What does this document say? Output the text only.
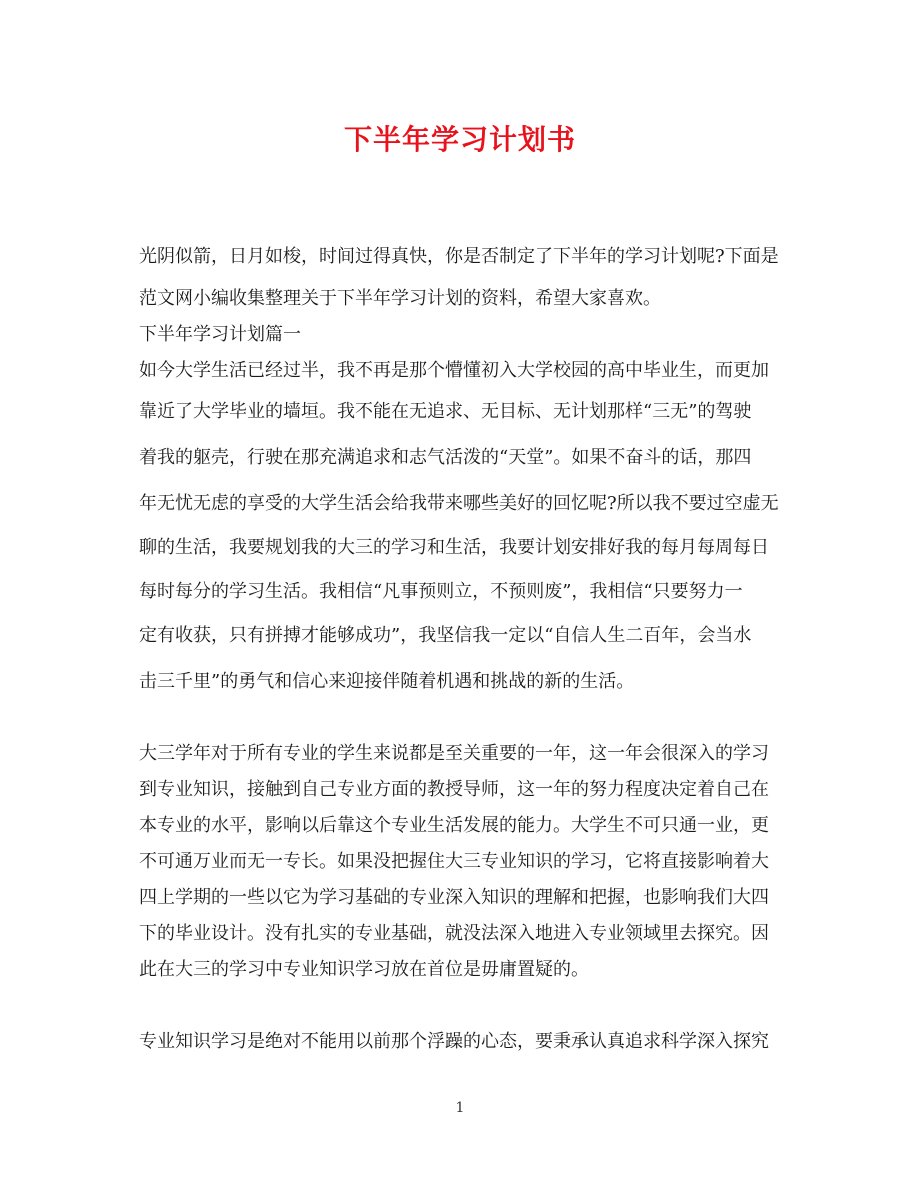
下半年学习计划书
光阴似箭，日月如梭，时间过得真快，你是否制定了下半年的学习计划呢?下面是
范文网小编收集整理关于下半年学习计划的资料，希望大家喜欢。
下半年学习计划篇一
如今大学生活已经过半，我不再是那个懵懂初入大学校园的高中毕业生，而更加
靠近了大学毕业的墙垣。我不能在无追求、无目标、无计划那样“三无”的驾驶
着我的躯壳，行驶在那充满追求和志气活泼的“天堂”。如果不奋斗的话，那四
年无忧无虑的享受的大学生活会给我带来哪些美好的回忆呢?所以我不要过空虚无
聊的生活，我要规划我的大三的学习和生活，我要计划安排好我的每月每周每日
每时每分的学习生活。我相信“凡事预则立，不预则废”，我相信“只要努力一
定有收获，只有拼搏才能够成功”，我坚信我一定以“自信人生二百年，会当水
击三千里”的勇气和信心来迎接伴随着机遇和挑战的新的生活。
大三学年对于所有专业的学生来说都是至关重要的一年，这一年会很深入的学习
到专业知识，接触到自己专业方面的教授导师，这一年的努力程度决定着自己在
本专业的水平，影响以后靠这个专业生活发展的能力。大学生不可只通一业，更
不可通万业而无一专长。如果没把握住大三专业知识的学习，它将直接影响着大
四上学期的一些以它为学习基础的专业深入知识的理解和把握，也影响我们大四
下的毕业设计。没有扎实的专业基础，就没法深入地进入专业领域里去探究。因
此在大三的学习中专业知识学习放在首位是毋庸置疑的。
专业知识学习是绝对不能用以前那个浮躁的心态，要秉承认真追求科学深入探究
1
